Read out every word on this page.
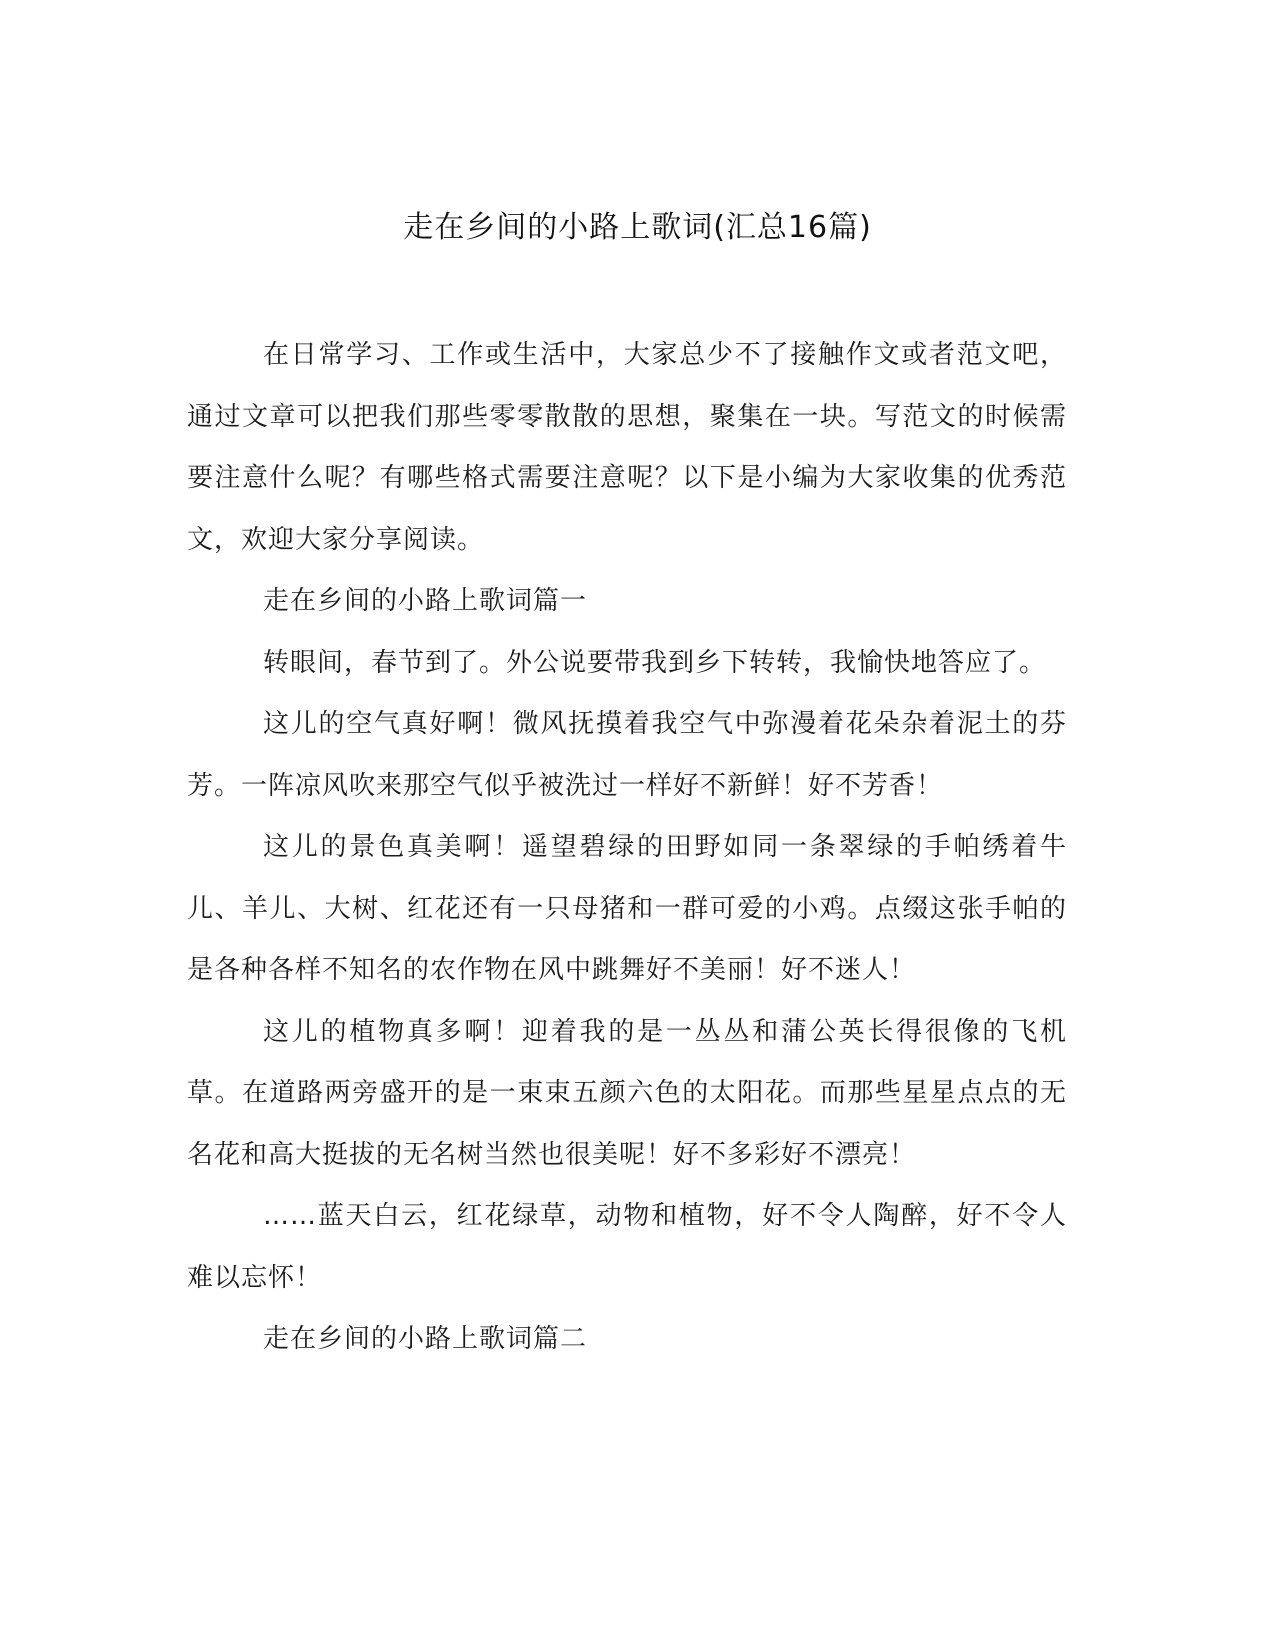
走在乡间的小路上歌词(汇总16篇)

在日常学习、工作或生活中，大家总少不了接触作文或者范文吧，通过文章可以把我们那些零零散散的思想，聚集在一块。写范文的时候需要注意什么呢？有哪些格式需要注意呢？以下是小编为大家收集的优秀范文，欢迎大家分享阅读。

走在乡间的小路上歌词篇一

转眼间，春节到了。外公说要带我到乡下转转，我愉快地答应了。

这儿的空气真好啊！微风抚摸着我空气中弥漫着花朵杂着泥土的芬芳。一阵凉风吹来那空气似乎被洗过一样好不新鲜！好不芳香！

这儿的景色真美啊！遥望碧绿的田野如同一条翠绿的手帕绣着牛儿、羊儿、大树、红花还有一只母猪和一群可爱的小鸡。点缀这张手帕的是各种各样不知名的农作物在风中跳舞好不美丽！好不迷人！

这儿的植物真多啊！迎着我的是一丛丛和蒲公英长得很像的飞机草。在道路两旁盛开的是一束束五颜六色的太阳花。而那些星星点点的无名花和高大挺拔的无名树当然也很美呢！好不多彩好不漂亮！

……蓝天白云，红花绿草，动物和植物，好不令人陶醉，好不令人难以忘怀！

走在乡间的小路上歌词篇二
